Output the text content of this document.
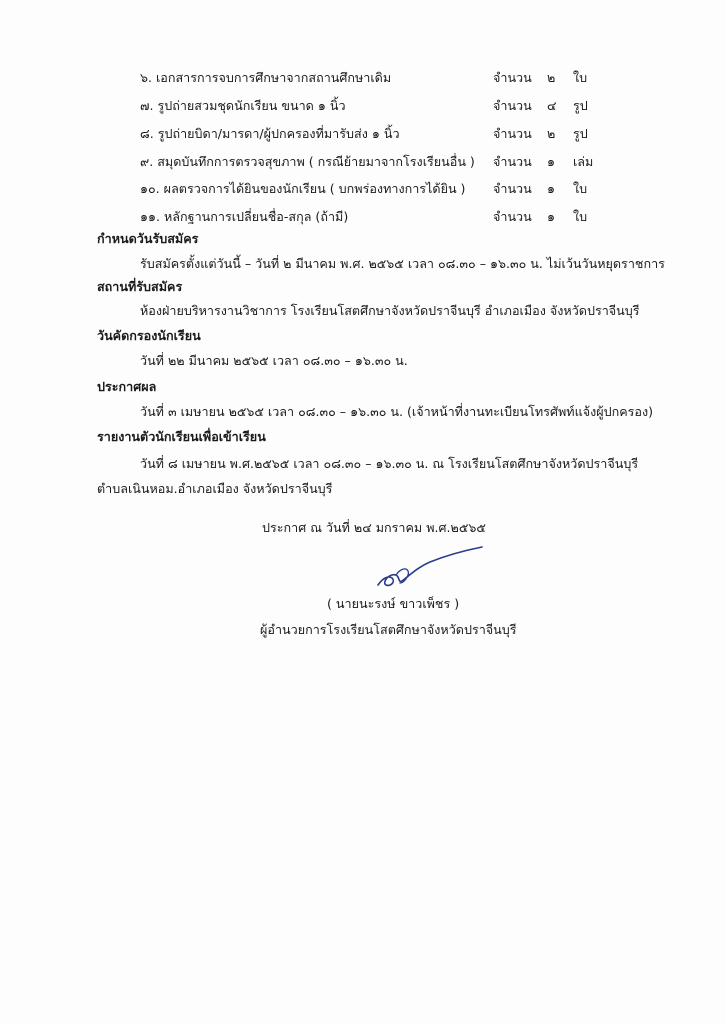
๖. เอกสารการจบการศึกษาจากสถานศึกษาเดิม	จำนวน ๒ ใบ
๗. รูปถ่ายสวมชุดนักเรียน ขนาด ๑ นิ้ว	จำนวน ๔ รูป
๘. รูปถ่ายบิดา/มารดา/ผู้ปกครองที่มารับส่ง ๑ นิ้ว	จำนวน ๒ รูป
๙. สมุดบันทึกการตรวจสุขภาพ ( กรณีย้ายมาจากโรงเรียนอื่น ) จำนวน ๑ เล่ม
๑๐. ผลตรวจการได้ยินของนักเรียน ( บกพร่องทางการได้ยิน ) จำนวน ๑ ใบ
๑๑. หลักฐานการเปลี่ยนชื่อ-สกุล (ถ้ามี)	จำนวน ๑ ใบ
กำหนดวันรับสมัคร
รับสมัครตั้งแต่วันนี้ – วันที่ ๒ มีนาคม พ.ศ. ๒๕๖๕ เวลา ๐๘.๓๐ – ๑๖.๓๐ น. ไม่เว้นวันหยุดราชการ
สถานที่รับสมัคร
ห้องฝ่ายบริหารงานวิชาการ โรงเรียนโสตศึกษาจังหวัดปราจีนบุรี อำเภอเมือง จังหวัดปราจีนบุรี
วันคัดกรองนักเรียน
วันที่ ๒๒ มีนาคม ๒๕๖๕ เวลา ๐๘.๓๐ – ๑๖.๓๐ น.
ประกาศผล
วันที่ ๓ เมษายน ๒๕๖๕ เวลา ๐๘.๓๐ – ๑๖.๓๐ น. (เจ้าหน้าที่งานทะเบียนโทรศัพท์แจ้งผู้ปกครอง)
รายงานตัวนักเรียนเพื่อเข้าเรียน
วันที่ ๘ เมษายน พ.ศ.๒๕๖๕ เวลา ๐๘.๓๐ – ๑๖.๓๐ น. ณ โรงเรียนโสตศึกษาจังหวัดปราจีนบุรี
ตำบลเนินหอม.อำเภอเมือง จังหวัดปราจีนบุรี
ประกาศ ณ วันที่ ๒๔ มกราคม พ.ศ.๒๕๖๕
( นายนะรงษ์ ขาวเพ็ชร )
ผู้อำนวยการโรงเรียนโสตศึกษาจังหวัดปราจีนบุรี
